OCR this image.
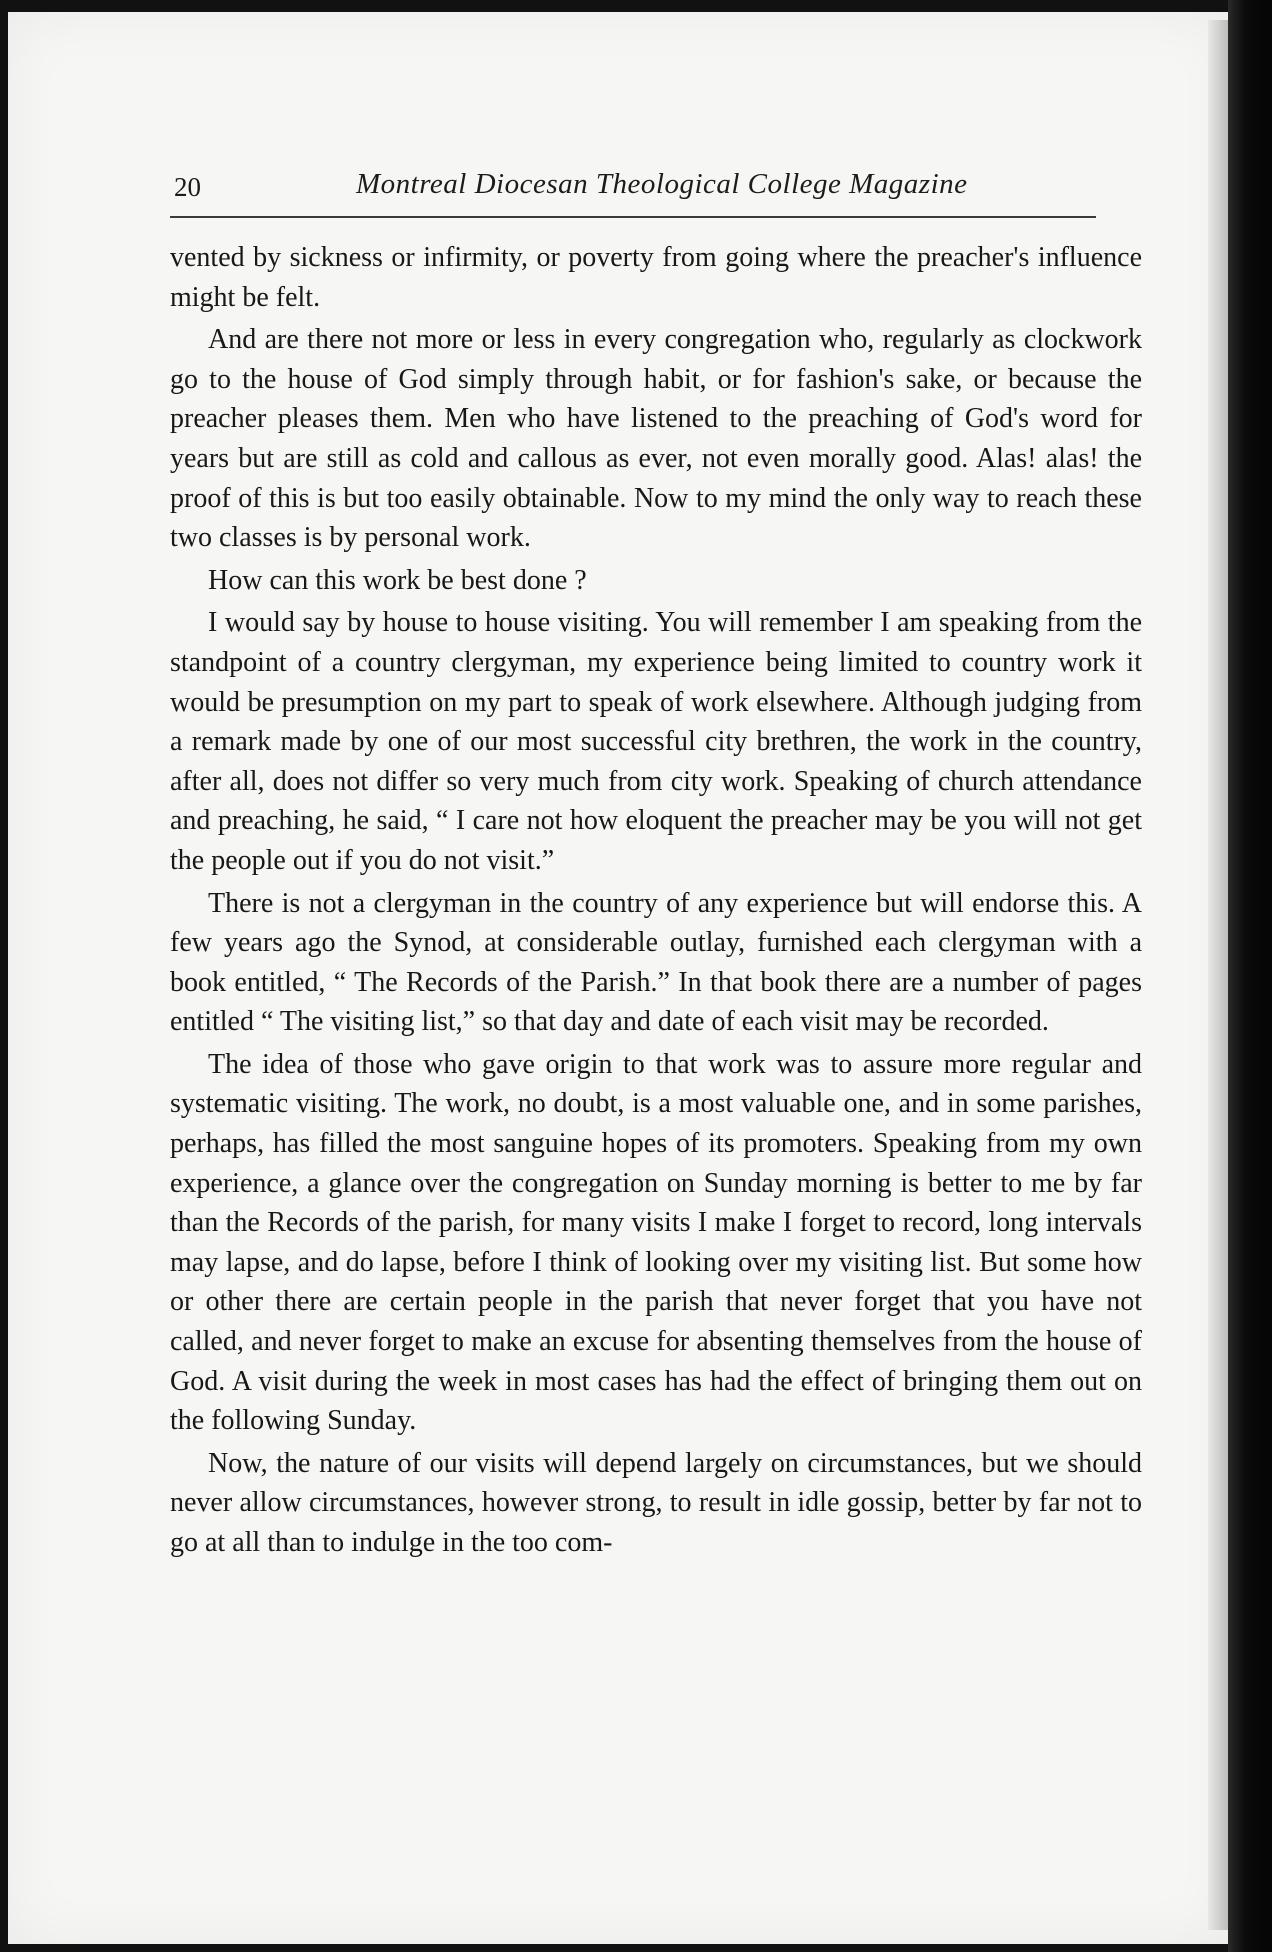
20	Montreal Diocesan Theological College Magazine

vented by sickness or infirmity, or poverty from going where the preacher's influence might be felt.

And are there not more or less in every congregation who, regularly as clockwork go to the house of God simply through habit, or for fashion's sake, or because the preacher pleases them. Men who have listened to the preaching of God's word for years but are still as cold and callous as ever, not even morally good. Alas! alas! the proof of this is but too easily obtainable. Now to my mind the only way to reach these two classes is by personal work.

How can this work be best done ?

I would say by house to house visiting. You will remember I am speaking from the standpoint of a country clergyman, my experience being limited to country work it would be presumption on my part to speak of work elsewhere. Although judging from a remark made by one of our most successful city brethren, the work in the country, after all, does not differ so very much from city work. Speaking of church attendance and preaching, he said, “ I care not how eloquent the preacher may be you will not get the people out if you do not visit.”

There is not a clergyman in the country of any experience but will endorse this. A few years ago the Synod, at considerable outlay, furnished each clergyman with a book entitled, “ The Records of the Parish.” In that book there are a number of pages entitled “ The visiting list,” so that day and date of each visit may be recorded.

The idea of those who gave origin to that work was to assure more regular and systematic visiting. The work, no doubt, is a most valuable one, and in some parishes, perhaps, has filled the most sanguine hopes of its promoters. Speaking from my own experience, a glance over the congregation on Sunday morning is better to me by far than the Records of the parish, for many visits I make I forget to record, long intervals may lapse, and do lapse, before I think of looking over my visiting list. But some how or other there are certain people in the parish that never forget that you have not called, and never forget to make an excuse for absenting themselves from the house of God. A visit during the week in most cases has had the effect of bringing them out on the following Sunday.

Now, the nature of our visits will depend largely on circumstances, but we should never allow circumstances, however strong, to result in idle gossip, better by far not to go at all than to indulge in the too com-
